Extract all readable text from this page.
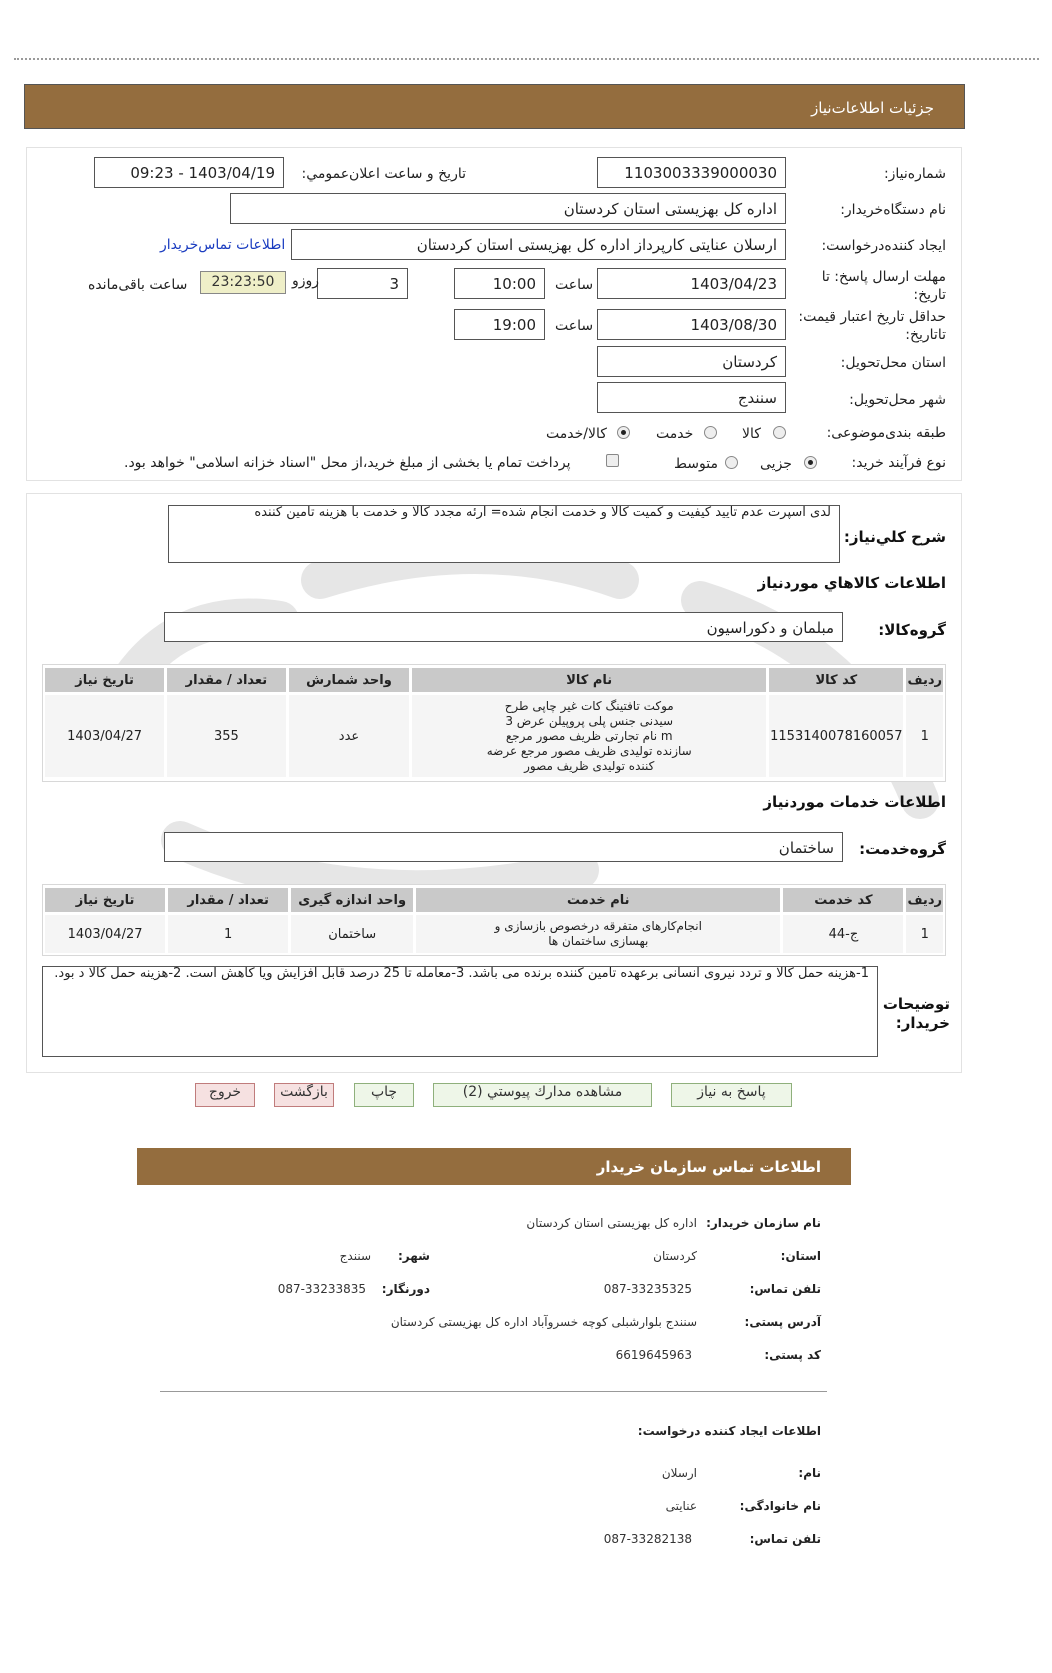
جزئیات اطلاعات‌نیاز
شماره‌نیاز:
1103003339000030
تاریخ و ساعت اعلان‌عمومي:
1403/04/19 - 09:23
نام دستگاه‌خریدار:
اداره کل بهزیستی استان کردستان
ایجاد کننده‌درخواست:
ارسلان عنایتی کارپرداز اداره کل بهزیستی استان کردستان
اطلاعات تماس‌خریدار
مهلت ارسال پاسخ: تا تاریخ:
1403/04/23
ساعت
10:00
3
روزو
23:23:50
ساعت باقی‌مانده
حداقل تاریخ اعتبار قیمت: تاتاریخ:
1403/08/30
ساعت
19:00
استان محل‌تحویل:
کردستان
شهر محل‌تحویل:
سنندج
طبقه بندی‌موضوعی:
کالا
خدمت
کالا/خدمت
نوع فرآیند خرید:
جزیی
متوسط
پرداخت تمام یا بخشی از مبلغ خرید،از محل "اسناد خزانه اسلامی" خواهد بود.
شرح کلي‌نیاز:
لدی اسپرت عدم تایید کیفیت و کمیت کالا و خدمت انجام شده= ارئه مجدد کالا و خدمت با هزینه تامین کننده
اطلاعات کالاهاي موردنیاز
گروه‌کالا:
مبلمان و دکوراسیون
ردیف	کد کالا	نام کالا	واحد شمارش	تعداد / مقدار	تاریخ نیاز
1	1153140078160057	موکت تافتینگ کات غیر چاپی طرح
سیدنی جنس پلی پروپیلن عرض 3
m نام تجارتی ظریف مصور مرجع
سازنده تولیدی ظریف مصور مرجع عرضه
کننده تولیدی ظریف مصور	عدد	355	1403/04/27
اطلاعات خدمات موردنیاز
گروه‌خدمت:
ساختمان
ردیف	کد خدمت	نام خدمت	واحد اندازه گیری	تعداد / مقدار	تاریخ نیاز
1	ج-44	انجام‌کارهای متفرقه درخصوص بازسازی و
بهسازی ساختمان ها	ساختمان	1	1403/04/27
توضیحات خریدار:
1-هزینه حمل کالا و تردد نیروی انسانی برعهده تامین کننده برنده می باشد. 3-معامله تا 25 درصد قابل افزایش ویا کاهش است. 2-هزینه حمل کالا د بود.
پاسخ به نیاز
مشاهده مدارك پیوستي (2)
چاپ
بازگشت
خروج
اطلاعات تماس سازمان خریدار
نام سازمان خریدار:
اداره کل بهزیستی استان کردستان
استان:
کردستان
شهر:
سنندج
تلفن تماس:
087-33235325
دورنگار:
087-33233835
آدرس پستی:
سنندج بلوارشبلی کوچه خسروآباد اداره کل بهزیستی کردستان
کد پستی:
6619645963
اطلاعات ایجاد کننده درخواست:
نام:
ارسلان
نام خانوادگی:
عنایتی
تلفن تماس:
087-33282138
